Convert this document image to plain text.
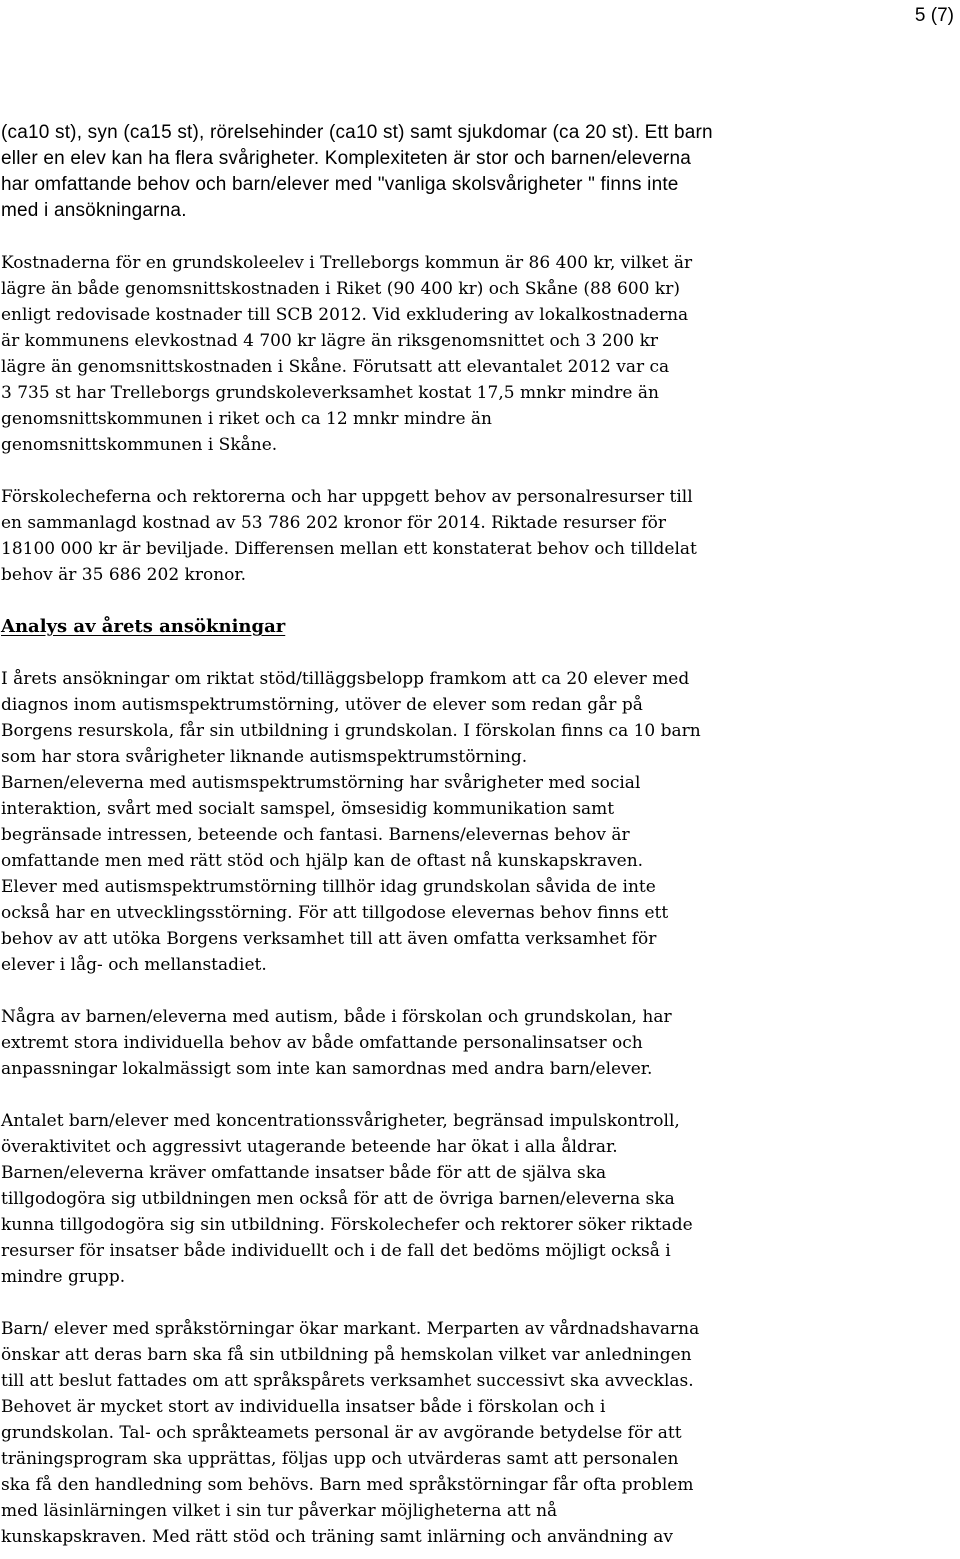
5 (7)

(ca10 st), syn (ca15 st), rörelsehinder (ca10 st) samt sjukdomar (ca 20 st). Ett barn
eller en elev kan ha flera svårigheter. Komplexiteten är stor och barnen/eleverna
har omfattande behov och barn/elever med "vanliga skolsvårigheter " finns inte
med i ansökningarna.

Kostnaderna för en grundskoleelev i Trelleborgs kommun är 86 400 kr, vilket är
lägre än både genomsnittskostnaden i Riket (90 400 kr) och Skåne (88 600 kr)
enligt redovisade kostnader till SCB 2012. Vid exkludering av lokalkostnaderna
är kommunens elevkostnad 4 700 kr lägre än riksgenomsnittet och 3 200 kr
lägre än genomsnittskostnaden i Skåne. Förutsatt att elevantalet 2012 var ca
3 735 st har Trelleborgs grundskoleverksamhet kostat 17,5 mnkr mindre än
genomsnittskommunen i riket och ca 12 mnkr mindre än
genomsnittskommunen i Skåne.

Förskolecheferna och rektorerna och har uppgett behov av personalresurser till
en sammanlagd kostnad av 53 786 202 kronor för 2014. Riktade resurser för
18100 000 kr är beviljade. Differensen mellan ett konstaterat behov och tilldelat
behov är 35 686 202 kronor.

Analys av årets ansökningar

I årets ansökningar om riktat stöd/tilläggsbelopp framkom att ca 20 elever med
diagnos inom autismspektrumstörning, utöver de elever som redan går på
Borgens resurskola, får sin utbildning i grundskolan. I förskolan finns ca 10 barn
som har stora svårigheter liknande autismspektrumstörning.
Barnen/eleverna med autismspektrumstörning har svårigheter med social
interaktion, svårt med socialt samspel, ömsesidig kommunikation samt
begränsade intressen, beteende och fantasi. Barnens/elevernas behov är
omfattande men med rätt stöd och hjälp kan de oftast nå kunskapskraven.
Elever med autismspektrumstörning tillhör idag grundskolan såvida de inte
också har en utvecklingsstörning. För att tillgodose elevernas behov finns ett
behov av att utöka Borgens verksamhet till att även omfatta verksamhet för
elever i låg- och mellanstadiet.

Några av barnen/eleverna med autism, både i förskolan och grundskolan, har
extremt stora individuella behov av både omfattande personalinsatser och
anpassningar lokalmässigt som inte kan samordnas med andra barn/elever.

Antalet barn/elever med koncentrationssvårigheter, begränsad impulskontroll,
överaktivitet och aggressivt utagerande beteende har ökat i alla åldrar.
Barnen/eleverna kräver omfattande insatser både för att de själva ska
tillgodogöra sig utbildningen men också för att de övriga barnen/eleverna ska
kunna tillgodogöra sig sin utbildning. Förskolechefer och rektorer söker riktade
resurser för insatser både individuellt och i de fall det bedöms möjligt också i
mindre grupp.

Barn/ elever med språkstörningar ökar markant. Merparten av vårdnadshavarna
önskar att deras barn ska få sin utbildning på hemskolan vilket var anledningen
till att beslut fattades om att språkspårets verksamhet successivt ska avvecklas.
Behovet är mycket stort av individuella insatser både i förskolan och i
grundskolan. Tal- och språkteamets personal är av avgörande betydelse för att
träningsprogram ska upprättas, följas upp och utvärderas samt att personalen
ska få den handledning som behövs. Barn med språkstörningar får ofta problem
med läsinlärningen vilket i sin tur påverkar möjligheterna att nå
kunskapskraven. Med rätt stöd och träning samt inlärning och användning av
